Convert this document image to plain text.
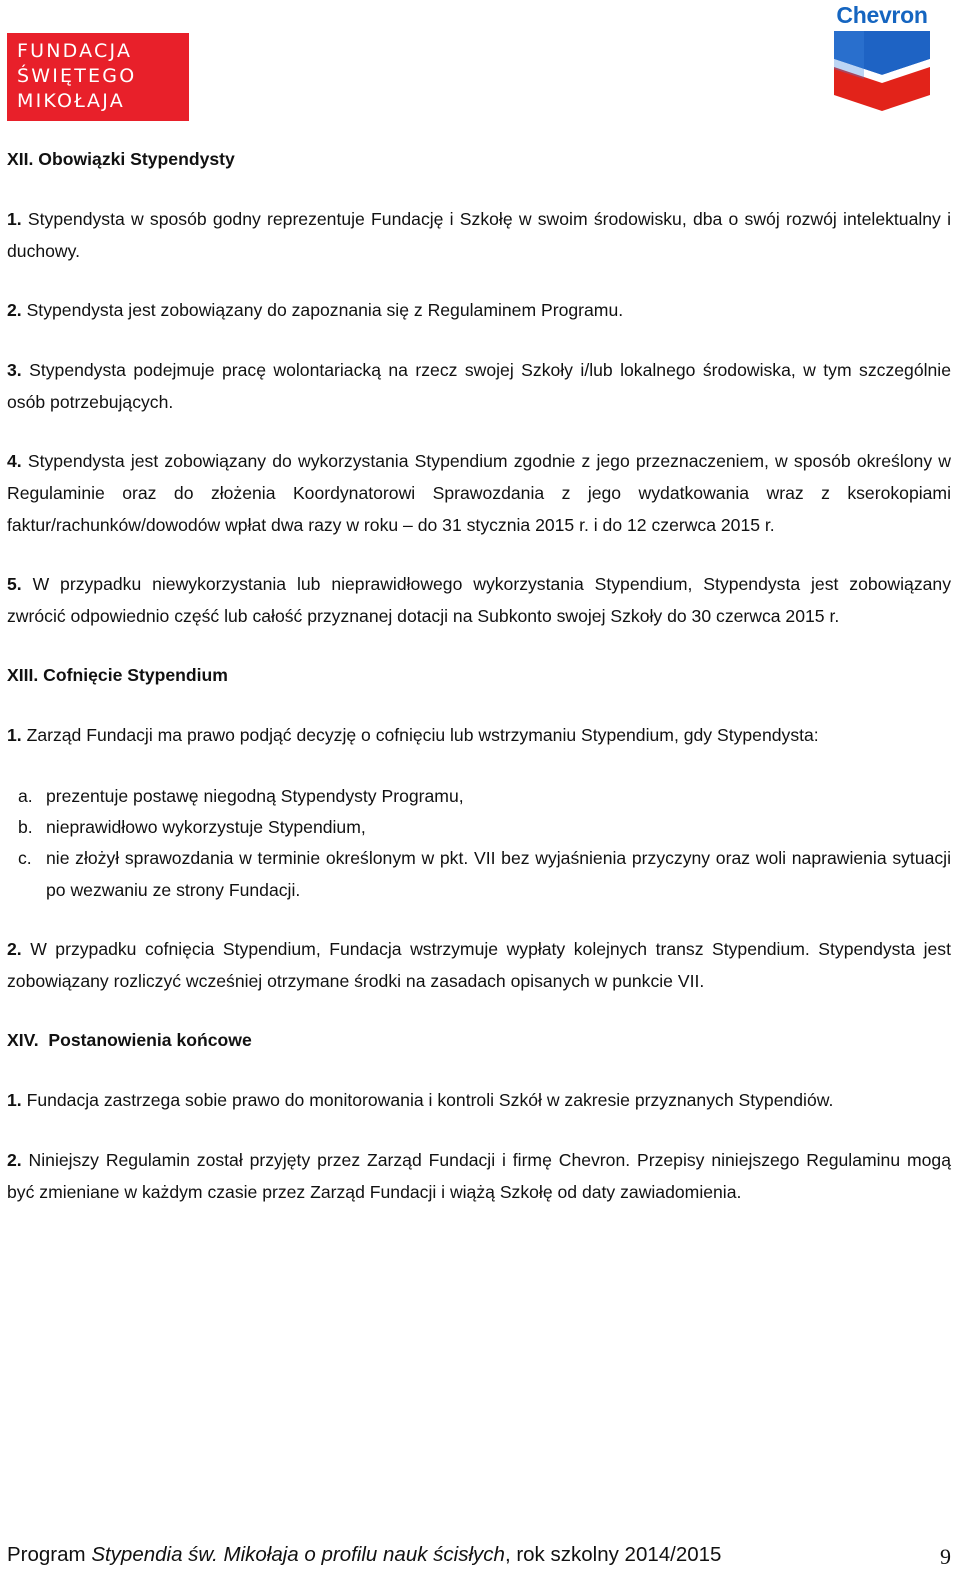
FUNDACJA
ŚWIĘTEGO
MIKOŁAJA
Chevron
XII. Obowiązki Stypendysty
1. Stypendysta w sposób godny reprezentuje Fundację i Szkołę w swoim środowisku, dba o swój rozwój intelektualny i duchowy.
2. Stypendysta jest zobowiązany do zapoznania się z Regulaminem Programu.
3. Stypendysta podejmuje pracę wolontariacką na rzecz swojej Szkoły i/lub lokalnego środowiska, w tym szczególnie osób potrzebujących.
4. Stypendysta jest zobowiązany do wykorzystania Stypendium zgodnie z jego przeznaczeniem, w sposób określony w Regulaminie oraz do złożenia Koordynatorowi Sprawozdania z jego wydatkowania wraz z kserokopiami faktur/rachunków/dowodów wpłat dwa razy w roku – do 31 stycznia 2015 r. i do 12 czerwca 2015 r.
5. W przypadku niewykorzystania lub nieprawidłowego wykorzystania Stypendium, Stypendysta jest zobowiązany zwrócić odpowiednio część lub całość przyznanej dotacji na Subkonto swojej Szkoły do 30 czerwca 2015 r.
XIII. Cofnięcie Stypendium
1. Zarząd Fundacji ma prawo podjąć decyzję o cofnięciu lub wstrzymaniu Stypendium, gdy Stypendysta:
a. prezentuje postawę niegodną Stypendysty Programu,
b. nieprawidłowo wykorzystuje Stypendium,
c. nie złożył sprawozdania w terminie określonym w pkt. VII bez wyjaśnienia przyczyny oraz woli naprawienia sytuacji po wezwaniu ze strony Fundacji.
2. W przypadku cofnięcia Stypendium, Fundacja wstrzymuje wypłaty kolejnych transz Stypendium. Stypendysta jest zobowiązany rozliczyć wcześniej otrzymane środki na zasadach opisanych w punkcie VII.
XIV.  Postanowienia końcowe
1. Fundacja zastrzega sobie prawo do monitorowania i kontroli Szkół w zakresie przyznanych Stypendiów.
2. Niniejszy Regulamin został przyjęty przez Zarząd Fundacji i firmę Chevron. Przepisy niniejszego Regulaminu mogą być zmieniane w każdym czasie przez Zarząd Fundacji i wiążą Szkołę od daty zawiadomienia.
Program Stypendia św. Mikołaja o profilu nauk ścisłych, rok szkolny 2014/2015	9
